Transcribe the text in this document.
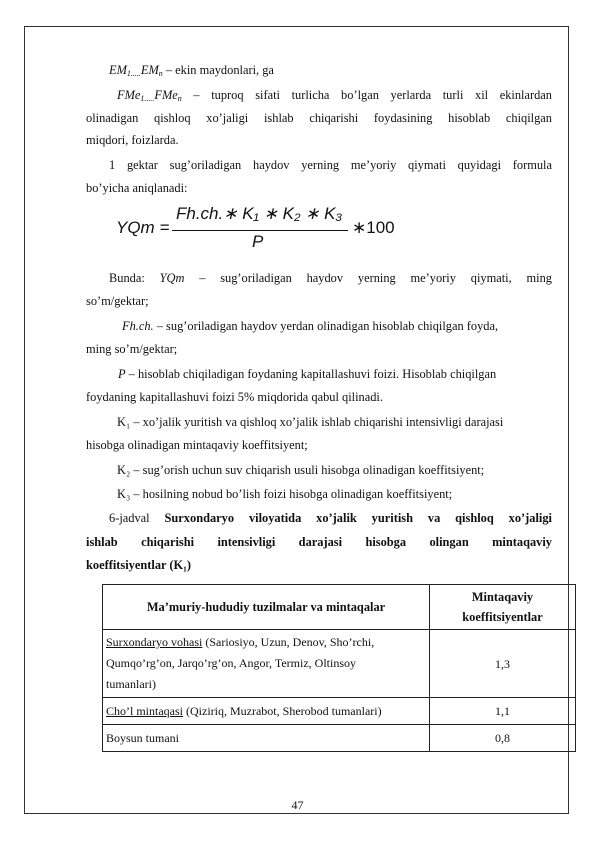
$EM_{1.....}EM_n$ – ekin maydonlari, ga
FMe$_{1.....}$FMe$_n$ – tuproq sifati turlicha bo’lgan yerlarda turli xil ekinlardan
olinadigan qishloq xo’jaligi ishlab chiqarishi foydasining hisoblab chiqilgan
miqdori, foizlarda.
1 gektar sug’oriladigan haydov yerning me’yoriy qiymati quyidagi formula
bo’yicha aniqlanadi:
YQm =
Fh.ch.∗ K₁ ∗ K₂ ∗ K₃
P
∗100
Bunda: YQm – sug’oriladigan haydov yerning me’yoriy qiymati, ming
so’m/gektar;
Fh.ch. – sug’oriladigan haydov yerdan olinadigan hisoblab chiqilgan foyda,
ming so’m/gektar;
P – hisoblab chiqiladigan foydaning kapitallashuvi foizi. Hisoblab chiqilgan
foydaning kapitallashuvi foizi 5% miqdorida qabul qilinadi.
K₁ – xo’jalik yuritish va qishloq xo’jalik ishlab chiqarishi intensivligi darajasi
hisobga olinadigan mintaqaviy koeffitsiyent;
K₂ – sug’orish uchun suv chiqarish usuli hisobga olinadigan koeffitsiyent;
K₃ – hosilning nobud bo’lish foizi hisobga olinadigan koeffitsiyent;
6-jadval Surxondaryo viloyatida xo’jalik yuritish va qishloq xo’jaligi
ishlab chiqarishi intensivligi darajasi hisobga olingan mintaqaviy
koeffitsiyentlar (K₁)
Ma’muriy-hududiy tuzilmalar va mintaqalar	Mintaqaviy
koeffitsiyentlar
Surxondaryo vohasi (Sariosiyo, Uzun, Denov, Sho’rchi,
Qumqo’rg’on, Jarqo’rg’on, Angor, Termiz, Oltinsoy
tumanlari)	1,3
Cho’l mintaqasi (Qiziriq, Muzrabot, Sherobod tumanlari)	1,1
Boysun tumani	0,8
47
